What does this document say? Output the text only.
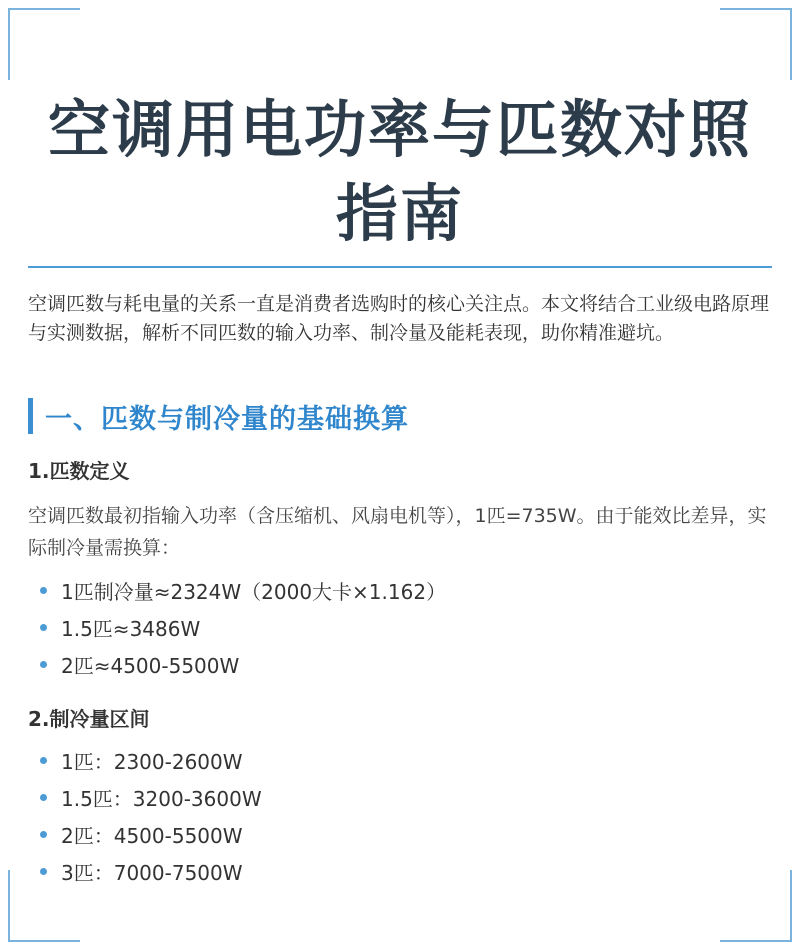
空调用电功率与匹数对照指南

空调匹数与耗电量的关系一直是消费者选购时的核心关注点。本文将结合工业级电路原理与实测数据，解析不同匹数的输入功率、制冷量及能耗表现，助你精准避坑。

一、匹数与制冷量的基础换算
1.匹数定义

空调匹数最初指输入功率（含压缩机、风扇电机等），1匹=735W。由于能效比差异，实际制冷量需换算：

1匹制冷量≈2324W（2000大卡×1.162）
1.5匹≈3486W
2匹≈4500-5500W
2.制冷量区间
1匹：2300-2600W
1.5匹：3200-3600W
2匹：4500-5500W
3匹：7000-7500W
